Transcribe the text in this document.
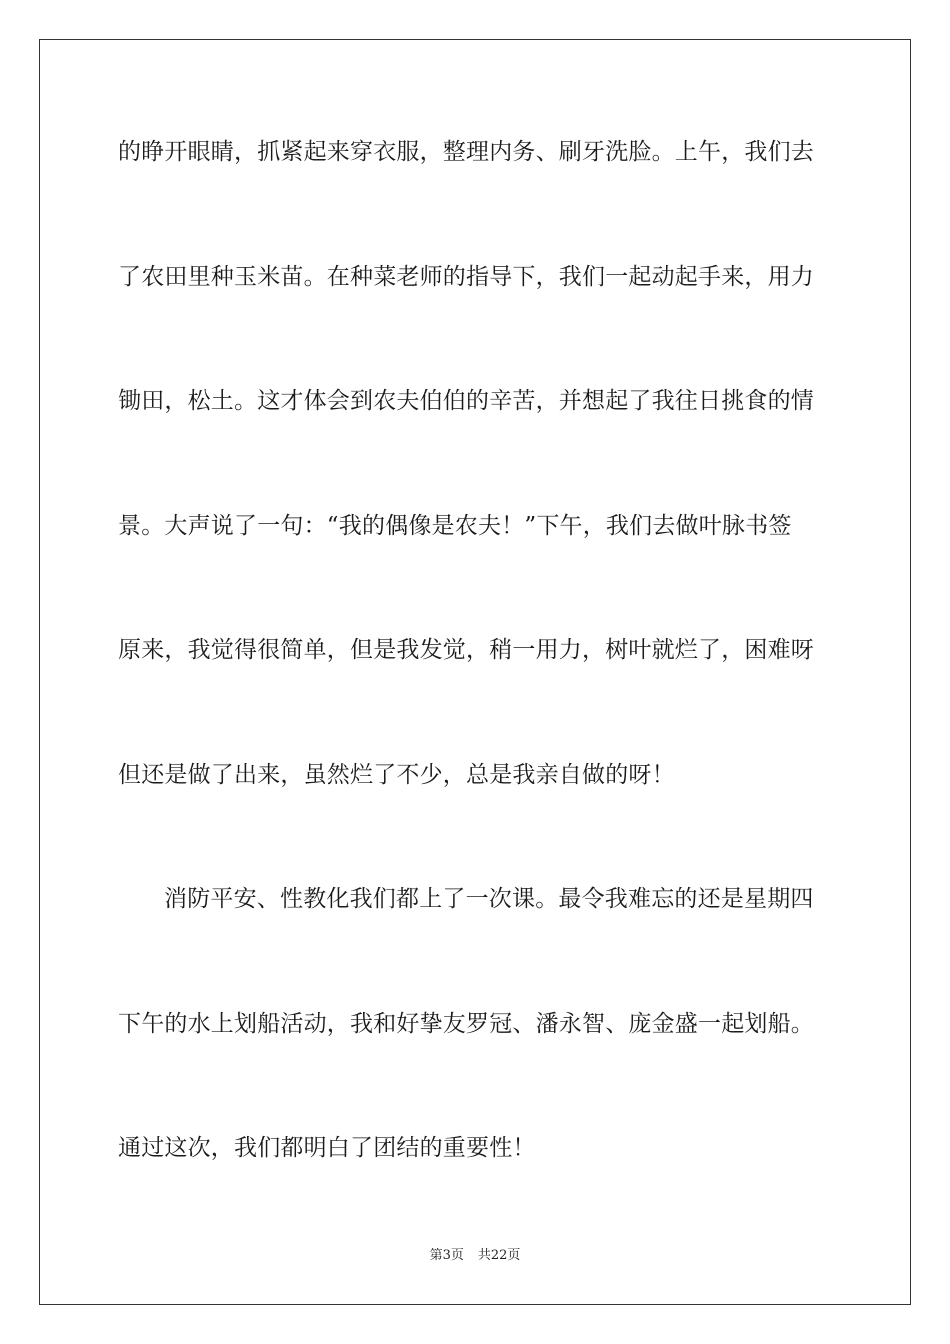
的睁开眼睛，抓紧起来穿衣服，整理内务、刷牙洗脸。上午，我们去
了农田里种玉米苗。在种菜老师的指导下，我们一起动起手来，用力
锄田，松土。这才体会到农夫伯伯的辛苦，并想起了我往日挑食的情
景。大声说了一句：“我的偶像是农夫！”下午，我们去做叶脉书签
原来，我觉得很简单，但是我发觉，稍一用力，树叶就烂了，困难呀
但还是做了出来，虽然烂了不少，总是我亲自做的呀！
消防平安、性教化我们都上了一次课。最令我难忘的还是星期四
下午的水上划船活动，我和好挚友罗冠、潘永智、庞金盛一起划船。
通过这次，我们都明白了团结的重要性！
第3页 共22页
